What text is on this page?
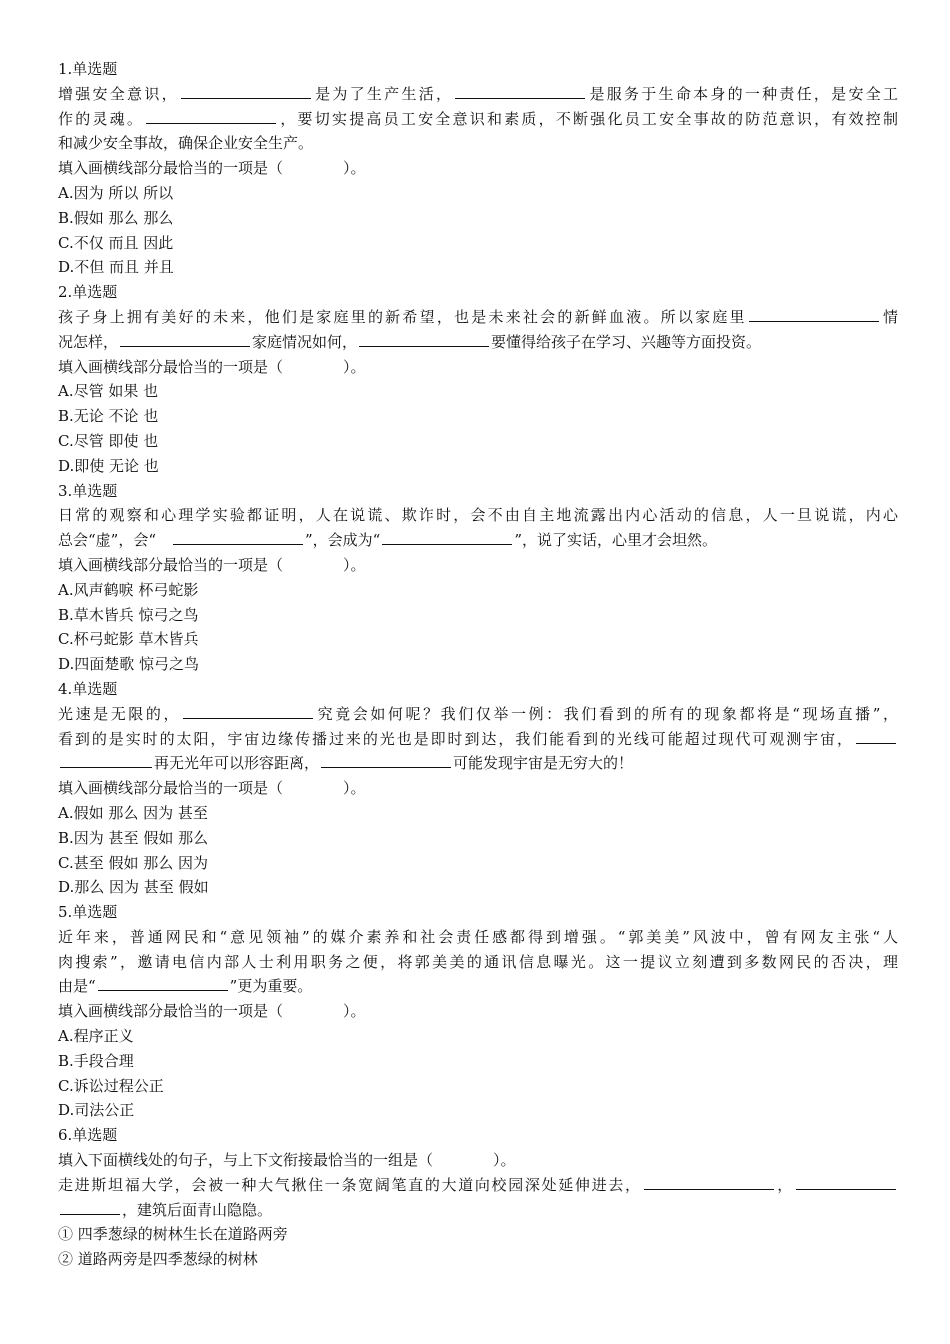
1.单选题
增强安全意识，	是为了生产生活，	是服务于生命本身的一种责任，是安全工
作的灵魂。	，要切实提高员工安全意识和素质，不断强化员工安全事故的防范意识，有效控制
和减少安全事故，确保企业安全生产。
填入画横线部分最恰当的一项是（　　　　）。
A.因为 所以 所以
B.假如 那么 那么
C.不仅 而且 因此
D.不但 而且 并且
2.单选题
孩子身上拥有美好的未来，他们是家庭里的新希望，也是未来社会的新鲜血液。所以家庭里	情
况怎样，	家庭情况如何，	要懂得给孩子在学习、兴趣等方面投资。
填入画横线部分最恰当的一项是（　　　　）。
A.尽管 如果 也
B.无论 不论 也
C.尽管 即使 也
D.即使 无论 也
3.单选题
日常的观察和心理学实验都证明，人在说谎、欺诈时，会不由自主地流露出内心活动的信息，人一旦说谎，内心
总会“虚”，会“　	”，会成为“	”，说了实话，心里才会坦然。
填入画横线部分最恰当的一项是（　　　　）。
A.风声鹤唳 杯弓蛇影
B.草木皆兵 惊弓之鸟
C.杯弓蛇影 草木皆兵
D.四面楚歌 惊弓之鸟
4.单选题
光速是无限的，	究竟会如何呢？我们仅举一例：我们看到的所有的现象都将是“现场直播”，
看到的是实时的太阳，宇宙边缘传播过来的光也是即时到达，我们能看到的光线可能超过现代可观测宇宙，
再无光年可以形容距离，	可能发现宇宙是无穷大的！
填入画横线部分最恰当的一项是（　　　　）。
A.假如 那么 因为 甚至
B.因为 甚至 假如 那么
C.甚至 假如 那么 因为
D.那么 因为 甚至 假如
5.单选题
近年来，普通网民和“意见领袖”的媒介素养和社会责任感都得到增强。“郭美美”风波中，曾有网友主张“人
肉搜索”，邀请电信内部人士利用职务之便，将郭美美的通讯信息曝光。这一提议立刻遭到多数网民的否决，理
由是“	”更为重要。
填入画横线部分最恰当的一项是（　　　　）。
A.程序正义
B.手段合理
C.诉讼过程公正
D.司法公正
6.单选题
填入下面横线处的句子，与上下文衔接最恰当的一组是（　　　　）。
走进斯坦福大学，会被一种大气揪住一条宽阔笔直的大道向校园深处延伸进去，	，
，建筑后面青山隐隐。
① 四季葱绿的树林生长在道路两旁
② 道路两旁是四季葱绿的树林
